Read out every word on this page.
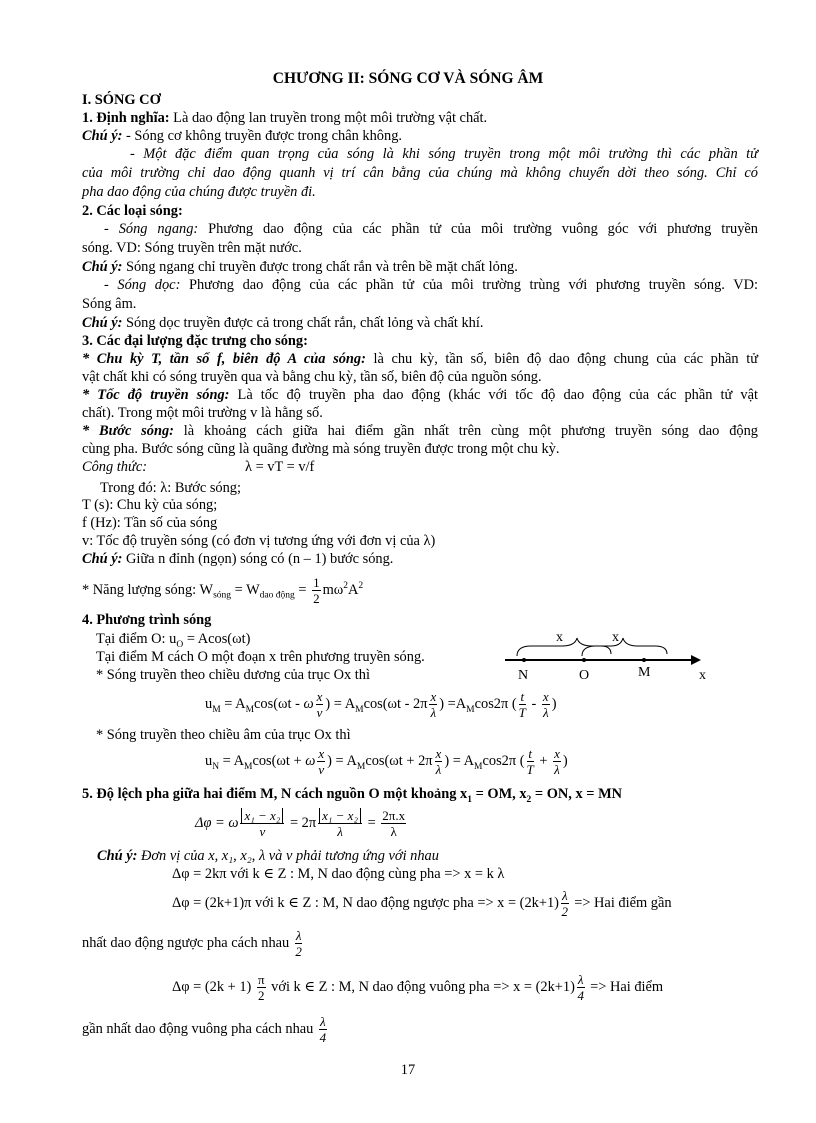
CHƯƠNG II: SÓNG CƠ VÀ SÓNG ÂM
I. SÓNG CƠ
1. Định nghĩa: Là dao động lan truyền trong một môi trường vật chất.
Chú ý: - Sóng cơ không truyền được trong chân không.
- Một đặc điểm quan trọng của sóng là khi sóng truyền trong một môi trường thì các phần tử
của môi trường chỉ dao động quanh vị trí cân bằng của chúng mà không chuyển dời theo sóng. Chỉ có
pha dao động của chúng được truyền đi.
2. Các loại sóng:
- Sóng ngang: Phương dao động của các phần tử của môi trường vuông góc với phương truyền
sóng. VD: Sóng truyền trên mặt nước.
Chú ý: Sóng ngang chỉ truyền được trong chất rắn và trên bề mặt chất lỏng.
- Sóng dọc: Phương dao động của các phần tử của môi trường trùng với phương truyền sóng. VD:
Sóng âm.
Chú ý: Sóng dọc truyền được cả trong chất rắn, chất lỏng và chất khí.
3. Các đại lượng đặc trưng cho sóng:
* Chu kỳ T, tần số f, biên độ A của sóng: là chu kỳ, tần số, biên độ dao động chung của các phần tử
vật chất khi có sóng truyền qua và bằng chu kỳ, tần số, biên độ của nguồn sóng.
* Tốc độ truyền sóng: Là tốc độ truyền pha dao động (khác với tốc độ dao động của các phần tử vật
chất). Trong một môi trường v là hằng số.
* Bước sóng: là khoảng cách giữa hai điểm gần nhất trên cùng một phương truyền sóng dao động
cùng pha. Bước sóng cũng là quãng đường mà sóng truyền được trong một chu kỳ.
Công thức:	λ = vT = v/f
Trong đó: λ: Bước sóng;
T (s): Chu kỳ của sóng;
f (Hz): Tần số của sóng
v: Tốc độ truyền sóng (có đơn vị tương ứng với đơn vị của λ)
Chú ý: Giữa n đỉnh (ngọn) sóng có (n – 1) bước sóng.
* Năng lượng sóng: $W_{sóng} = W_{dao động} = \frac{1}{2} m\omega^2A^2$
4. Phương trình sóng
Tại điểm O: $u_O = Acos(\omega t)$
Tại điểm M cách O một đoạn x trên phương truyền sóng.
* Sóng truyền theo chiều dương của trục Ox thì
x	x
N	O	M	x
$u_M = A_M\cos(\omega t - \omega \frac{x}{v}$ ) = $A_M\cos(\omega t - 2\pi \frac{x}{\lambda}$ ) $=A_M\cos 2\pi$ ( $\frac{t}{T} - \frac{x}{\lambda}$ )
* Sóng truyền theo chiều âm của trục Ox thì
$u_N = A_M\cos(\omega t + \omega \frac{x}{v}$ ) = $A_M\cos(\omega t + 2\pi \frac{x}{\lambda}$ ) = $A_M\cos 2\pi$ ( $\frac{t}{T} + \frac{x}{\lambda}$ )
5. Độ lệch pha giữa hai điểm M, N cách nguồn O một khoảng $x_1$ = OM, $x_2$ = ON, x = MN
Δφ = ω $\frac{\text{x₁ − x₂}}{v} = 2\pi \frac{\text{x₁ − x₂}}{\lambda} = \frac{2\pi.x}{\lambda}$
Chú ý: Đơn vị của x, x₁, x₂, λ và v phải tương ứng với nhau
Δφ = 2kπ với k ∈ Z : M, N dao động cùng pha => x = k λ
Δφ = (2k+1)π với k ∈ Z : M, N dao động ngược pha => $x = (2k+1) \frac{\lambda}{2}$ => Hai điểm gần
nhất dao động ngược pha cách nhau $\frac{\lambda}{2}$
$\Delta\varphi = (2k + 1) \frac{\pi}{2}$ với k ∈ Z : M, N dao động vuông pha => $x = (2k+1) \frac{\lambda}{4}$ => Hai điểm
gần nhất dao động vuông pha cách nhau $\frac{\lambda}{4}$
17
